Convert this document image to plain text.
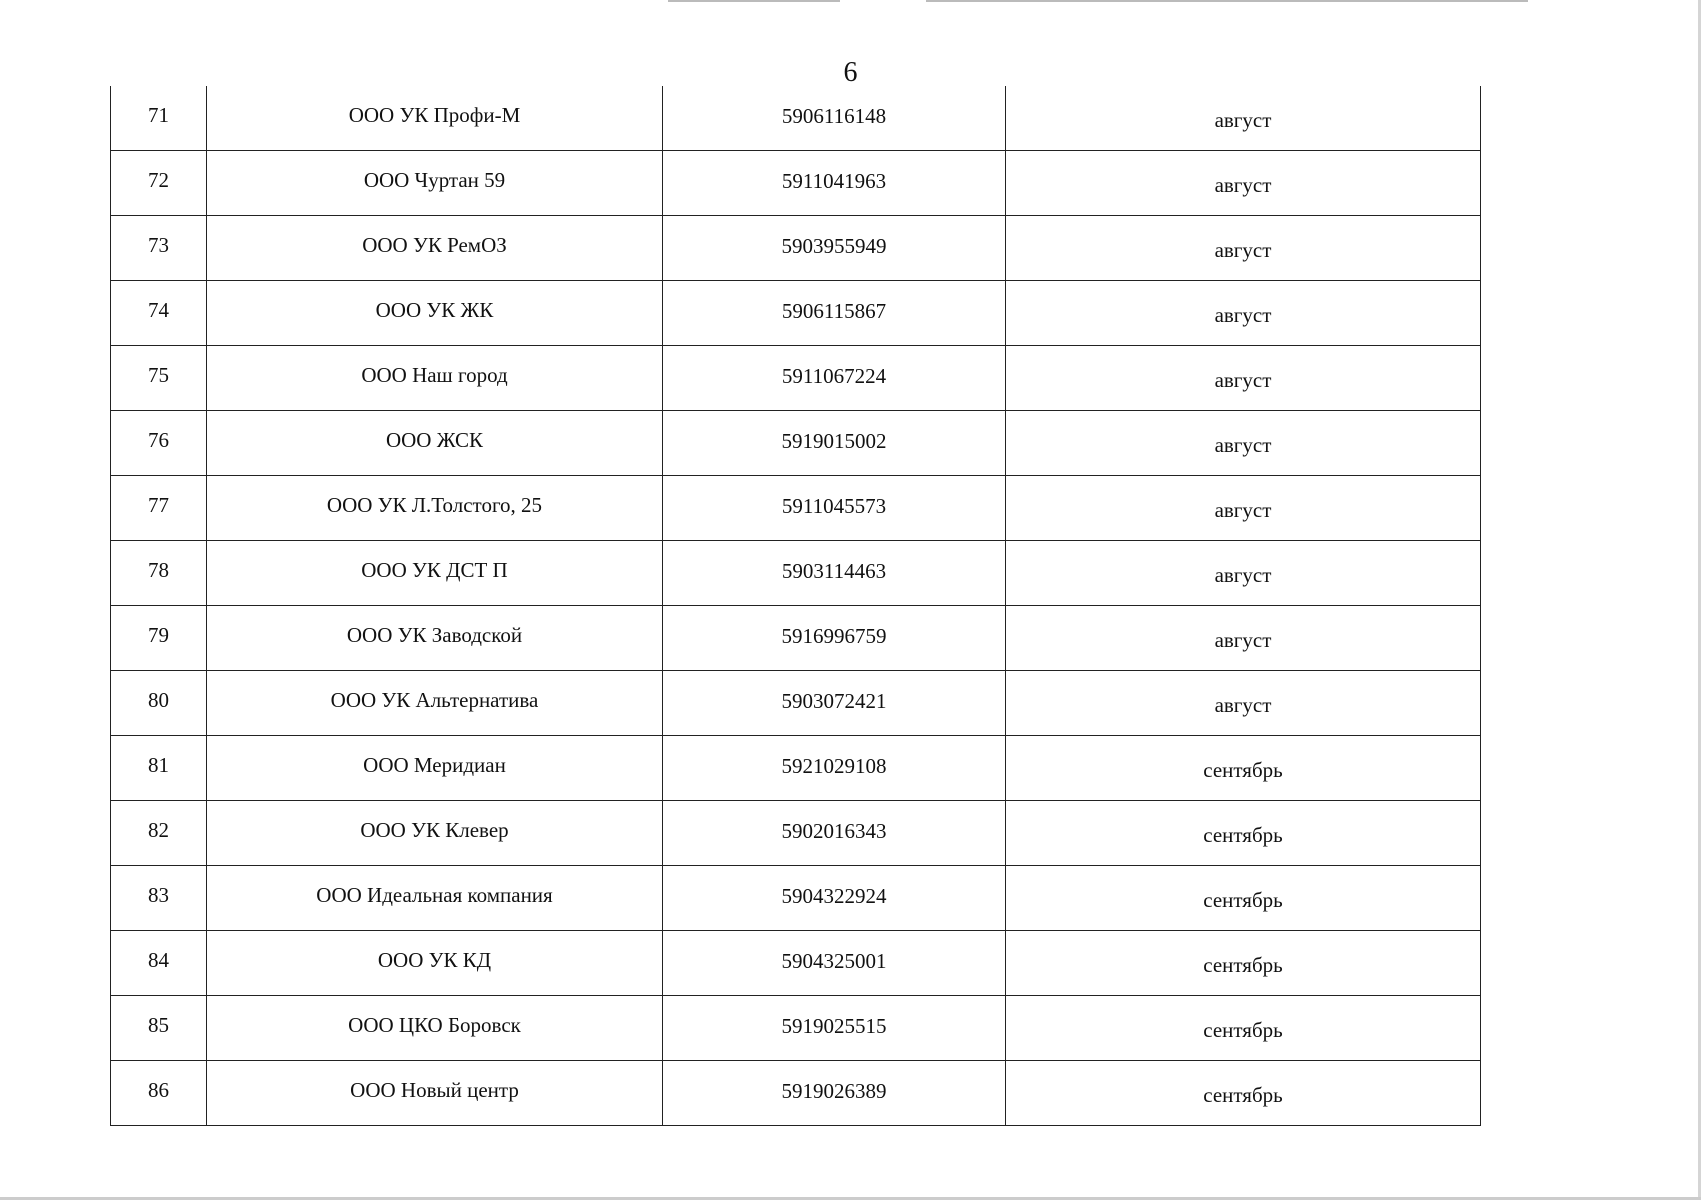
6
71	ООО УК Профи-М	5906116148	август
72	ООО Чуртан 59	5911041963	август
73	ООО УК РемОЗ	5903955949	август
74	ООО УК ЖК	5906115867	август
75	ООО Наш город	5911067224	август
76	ООО ЖСК	5919015002	август
77	ООО УК Л.Толстого, 25	5911045573	август
78	ООО УК ДСТ П	5903114463	август
79	ООО УК Заводской	5916996759	август
80	ООО УК Альтернатива	5903072421	август
81	ООО Меридиан	5921029108	сентябрь
82	ООО УК Клевер	5902016343	сентябрь
83	ООО Идеальная компания	5904322924	сентябрь
84	ООО УК КД	5904325001	сентябрь
85	ООО ЦКО Боровск	5919025515	сентябрь
86	ООО Новый центр	5919026389	сентябрь
